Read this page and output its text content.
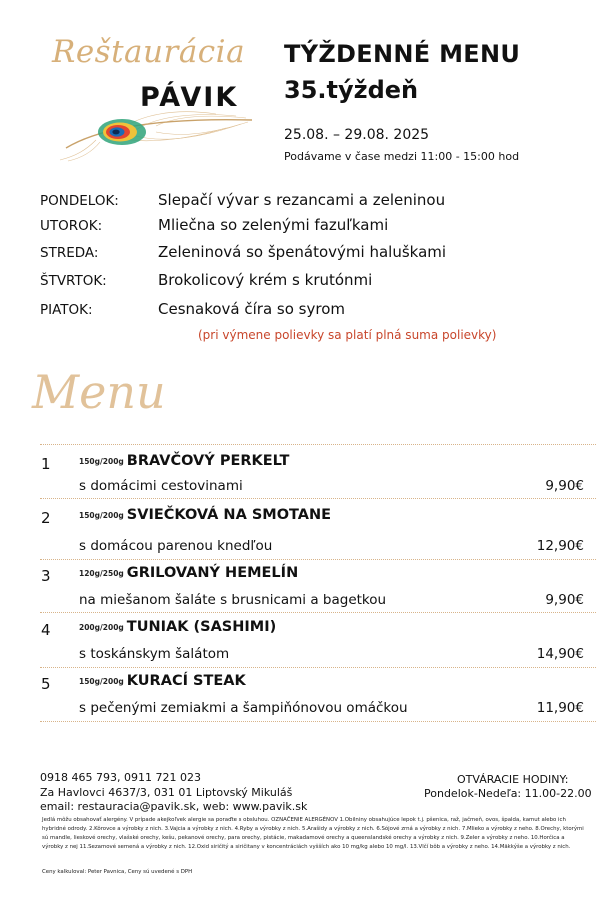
Reštaurácia
PÁVIK
TÝŽDENNÉ MENU
35.týždeň
25.08. – 29.08. 2025
Podávame v čase medzi 11:00 - 15:00 hod
PONDELOK:	Slepačí vývar s rezancami a zeleninou
UTOROK:	Mliečna so zelenými fazuľkami
STREDA:	Zeleninová so špenátovými haluškami
ŠTVRTOK:	Brokolicový krém s krutónmi
PIATOK:	Cesnaková číra so syrom
(pri výmene polievky sa platí plná suma polievky)
Menu
1	150g/200g BRAVČOVÝ PERKELT
s domácimi cestovinami	9,90€
2	150g/200g SVIEČKOVÁ NA SMOTANE
s domácou parenou knedľou	12,90€
3	120g/250g GRILOVANÝ HEMELÍN
na miešanom šaláte s brusnicami a bagetkou	9,90€
4	200g/200g TUNIAK (SASHIMI)
s toskánskym šalátom	14,90€
5	150g/200g KURACÍ STEAK
s pečenými zemiakmi a šampiňónovou omáčkou	11,90€
0918 465 793, 0911 721 023
Za Havlovci 4637/3, 031 01 Liptovský Mikuláš
email: restauracia@pavik.sk, web: www.pavik.sk
OTVÁRACIE HODINY:
Pondelok-Nedeľa: 11.00-22.00
Jedlá môžu obsahovať alergény. V prípade akejkoľvek alergie sa poraďte s obsluhou. OZNAČENIE ALERGÉNOV 1.Obilniny obsahujúce lepok t.j. pšenica, raž, jačmeň, ovos, špalda, kamut alebo ich hybridné odrody. 2.Kôrovce a výrobky z nich. 3.Vajcia a výrobky z nich. 4.Ryby a výrobky z nich. 5.Arašidy a výrobky z nich. 6.Sójové zrná a výrobky z nich. 7.Mlieko a výrobky z neho. 8.Orechy, ktorými sú mandle, lieskové orechy, vlašské orechy, kešu, pekanové orechy, para orechy, pistácie, makadamové orechy a queenslandské orechy a výrobky z nich. 9.Zeler a výrobky z neho. 10.Horčica a výrobky z nej 11.Sezamové semená a výrobky z nich. 12.Oxid siričitý a siričitany v koncentráciách vyšších ako 10 mg/kg alebo 10 mg/l. 13.Vlčí bôb a výrobky z neho. 14.Mäkkýše a výrobky z nich.
Ceny kalkuloval: Peter Pavnica, Ceny sú uvedené s DPH
